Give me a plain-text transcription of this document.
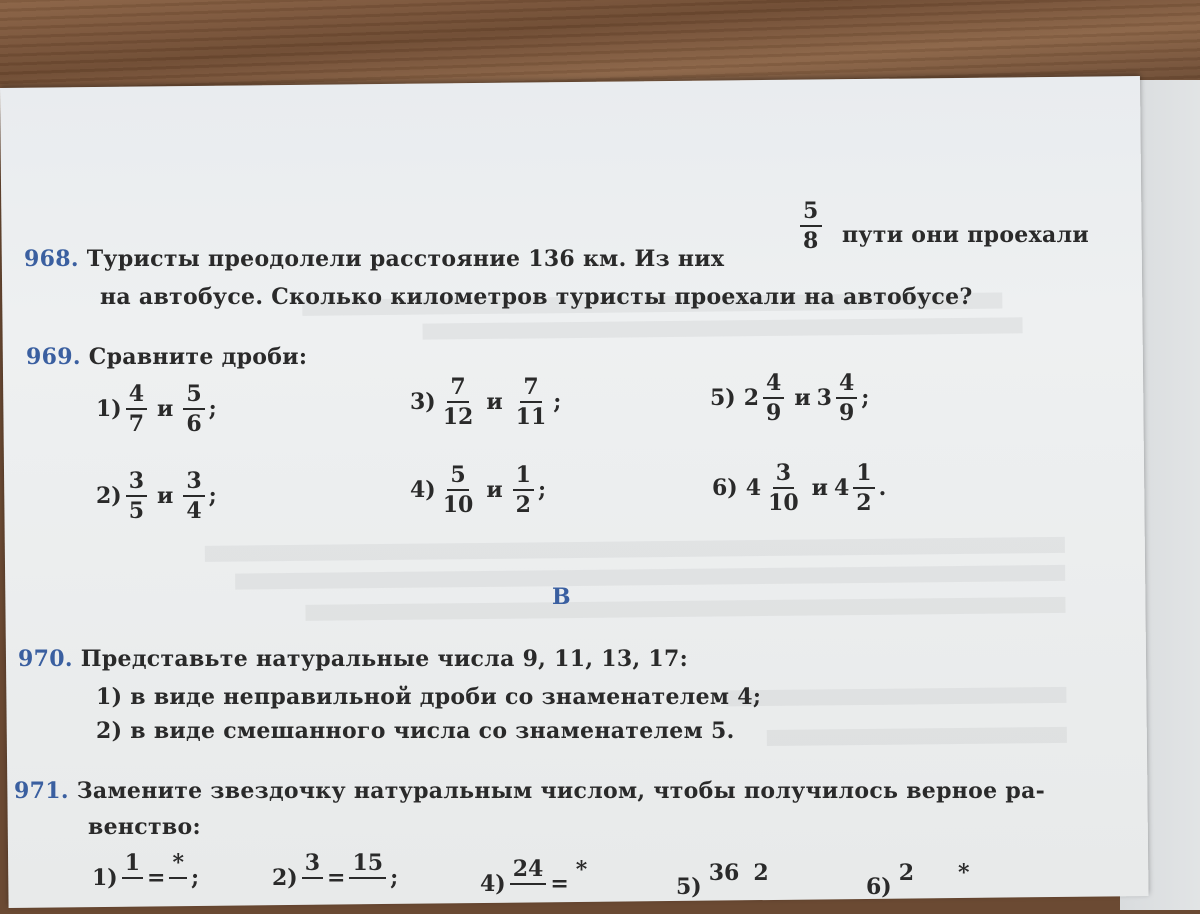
968. Туристы преодолели расстояние 136 км. Из них
$\frac{5}{8}$ пути они проехали
на автобусе. Сколько километров туристы проехали на автобусе?
969. Сравните дроби:
$1) \frac{4}{7}$ и $\frac{5}{6}$ ;
$2) \frac{3}{5}$ и $\frac{3}{4}$ ;
$3) \frac{7}{12}$ и $\frac{7}{11}$ ;
$4) \frac{5}{10}$ и $\frac{1}{2}$ ;
5) $2 \frac{4}{9}$ и $3 \frac{4}{9}$ ;
6) $4 \frac{3}{10}$ и $4 \frac{1}{2}$ .
В
970. Представьте натуральные числа 9, 11, 13, 17:
1) в виде неправильной дроби со знаменателем 4;
2) в виде смешанного числа со знаменателем 5.
971. Замените звездочку натуральным числом, чтобы получилось верное ра-
венство:
1)
1

=
*

;	2)
3

=
15

;	4)
24

=
*

5)
36
2

6)
2
*
